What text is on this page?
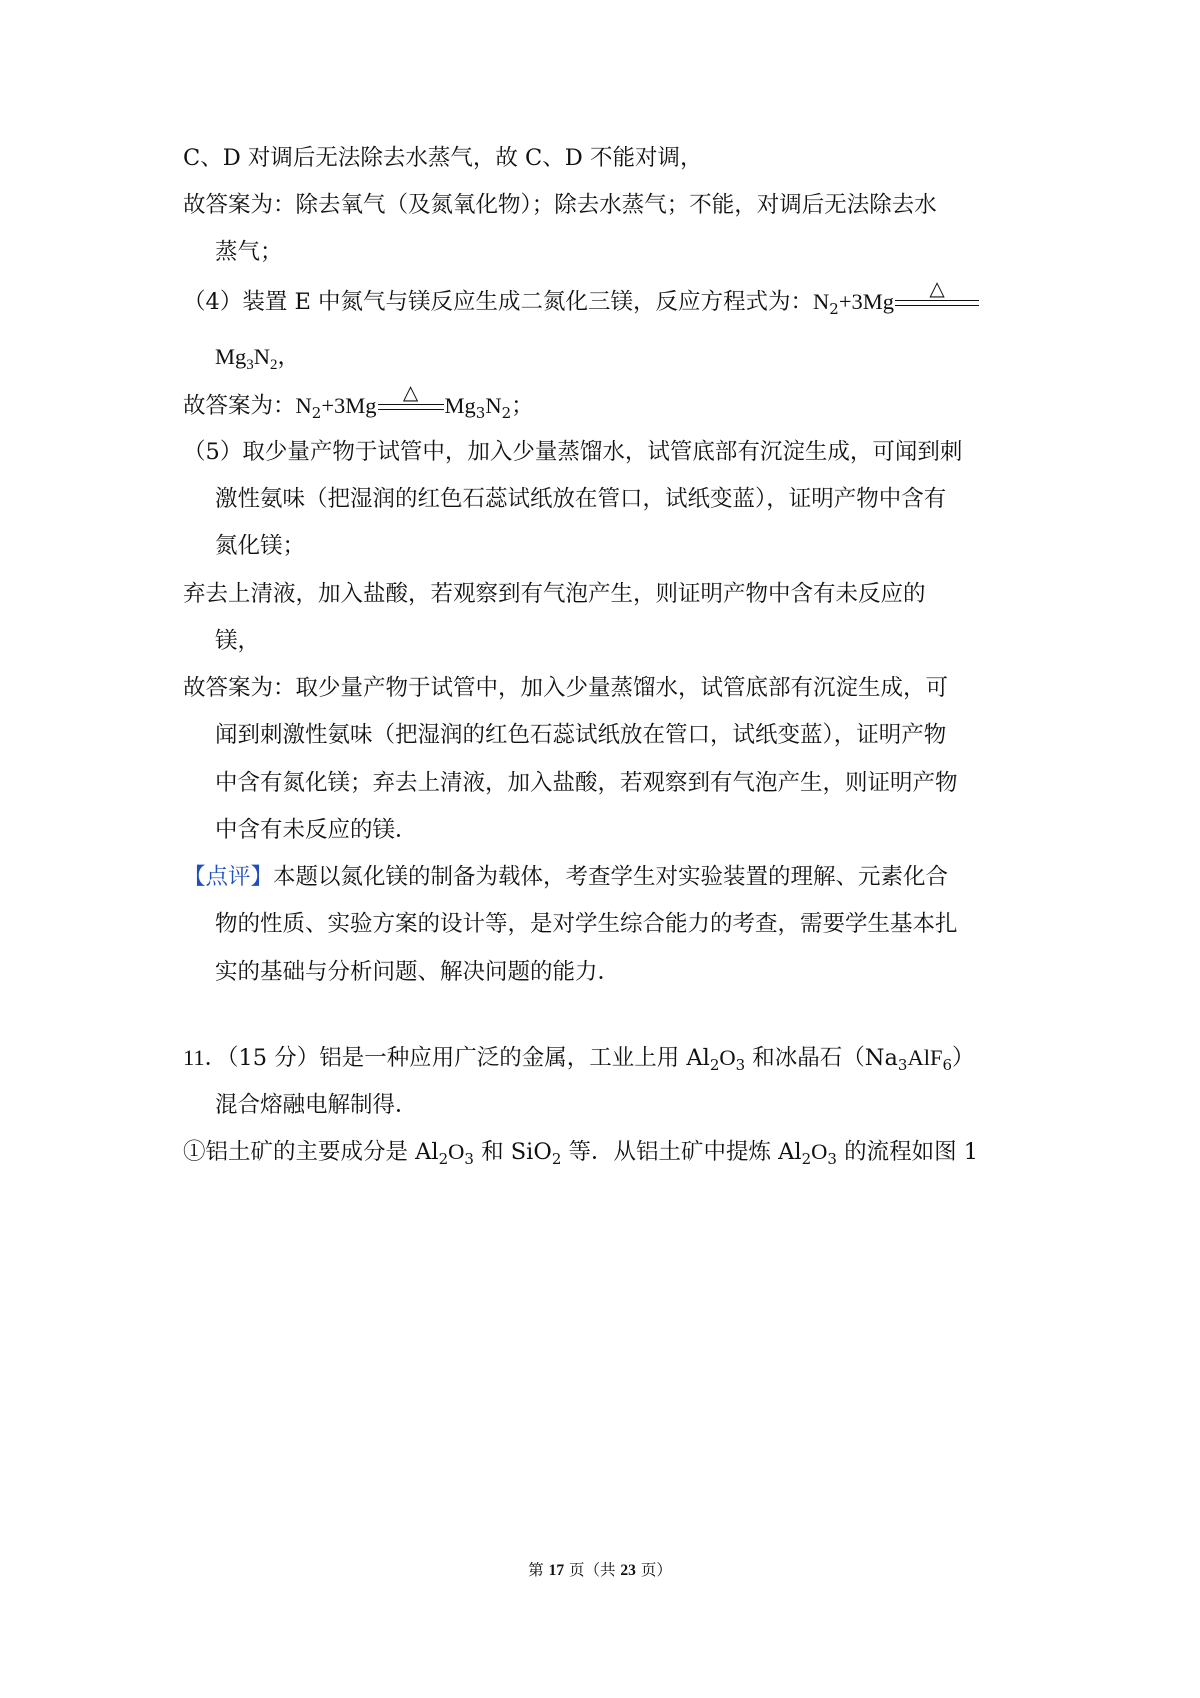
C、D 对调后无法除去水蒸气，故 C、D 不能对调，
故答案为：除去氧气（及氮氧化物）；除去水蒸气；不能，对调后无法除去水
蒸气；
（4）装置 E 中氮气与镁反应生成二氮化三镁，反应方程式为：$N_2+3Mg$
△
$Mg_3N_2$，
故答案为：$N_2+3Mg$
△
$Mg_3N_2$；
（5）取少量产物于试管中，加入少量蒸馏水，试管底部有沉淀生成，可闻到刺
激性氨味（把湿润的红色石蕊试纸放在管口，试纸变蓝），证明产物中含有
氮化镁；
弃去上清液，加入盐酸，若观察到有气泡产生，则证明产物中含有未反应的
镁，
故答案为：取少量产物于试管中，加入少量蒸馏水，试管底部有沉淀生成，可
闻到刺激性氨味（把湿润的红色石蕊试纸放在管口，试纸变蓝），证明产物
中含有氮化镁；弃去上清液，加入盐酸，若观察到有气泡产生，则证明产物
中含有未反应的镁．
【点评】本题以氮化镁的制备为载体，考查学生对实验装置的理解、元素化合
物的性质、实验方案的设计等，是对学生综合能力的考查，需要学生基本扎
实的基础与分析问题、解决问题的能力．
11．（15 分）铝是一种应用广泛的金属，工业上用 $Al_2O_3$ 和冰晶石$(Na_3AlF_6)$
混合熔融电解制得．
①铝土矿的主要成分是 $Al_2O_3$ 和 SiO$_2$ 等．从铝土矿中提炼 $Al_2O_3$ 的流程如图 1
第 17 页（共 23 页）
